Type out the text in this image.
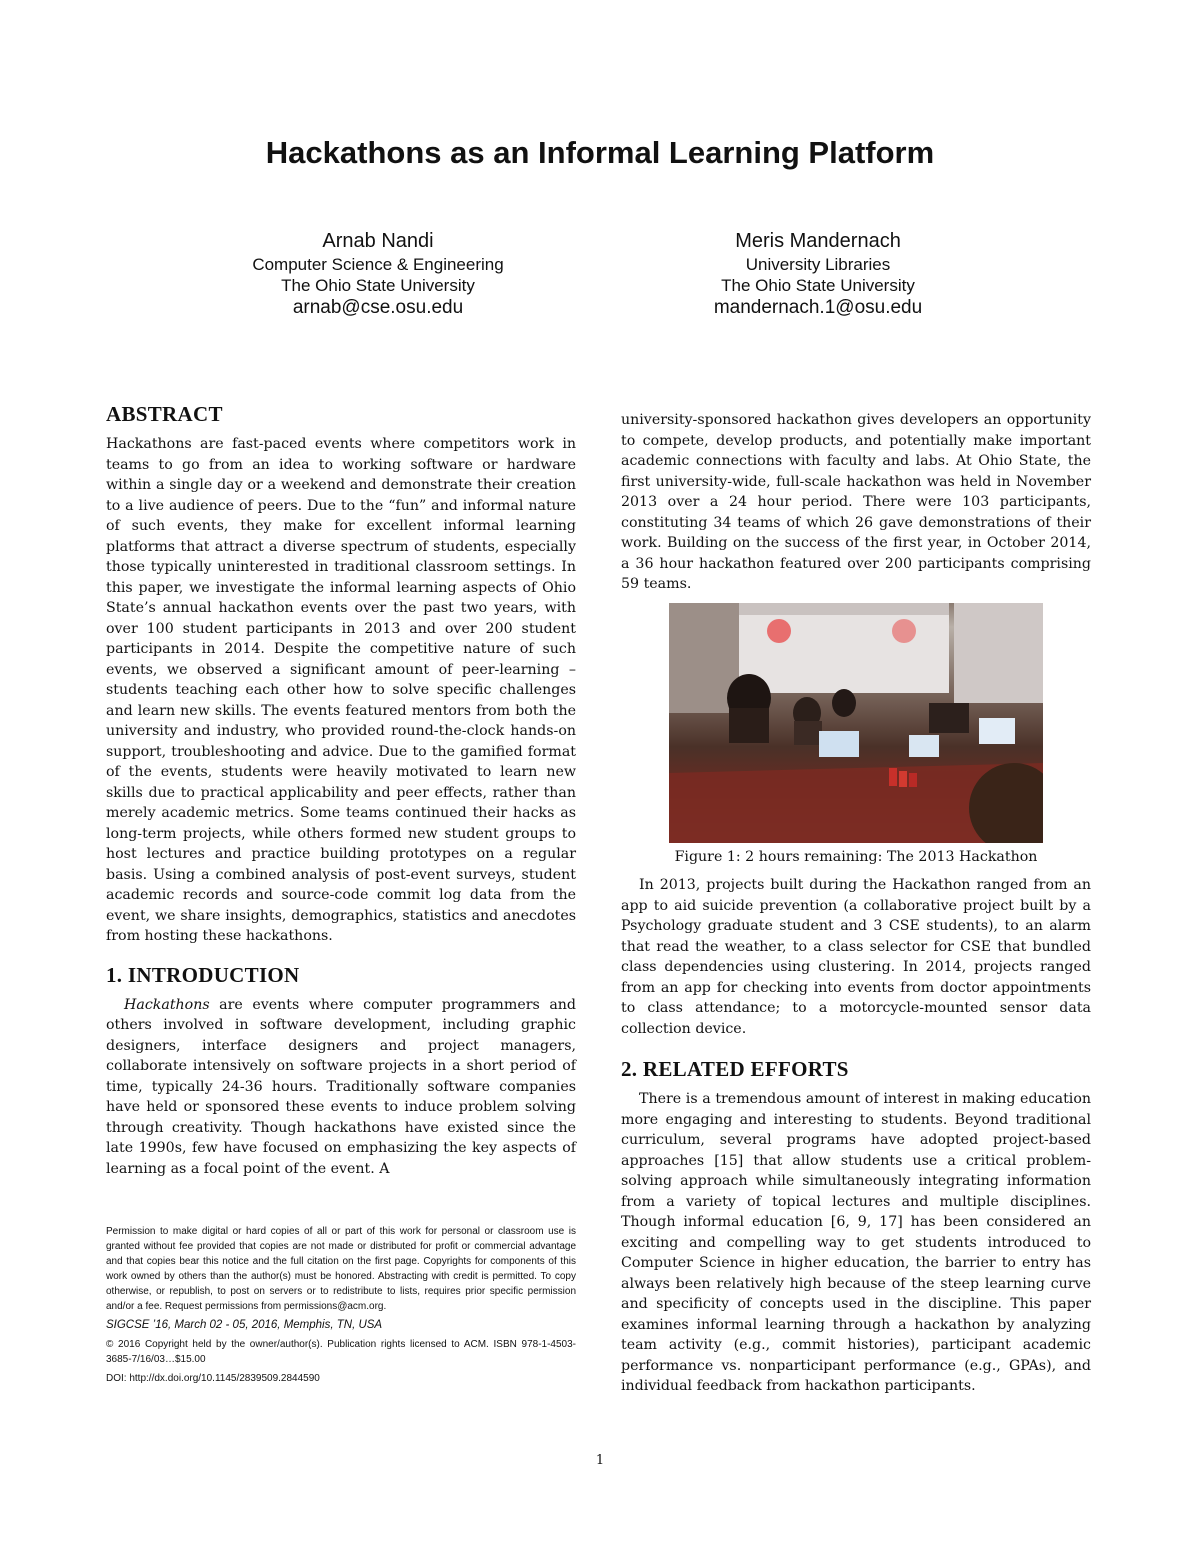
Hackathons as an Informal Learning Platform
Arnab Nandi
Computer Science & Engineering
The Ohio State University
arnab@cse.osu.edu
Meris Mandernach
University Libraries
The Ohio State University
mandernach.1@osu.edu
ABSTRACT

Hackathons are fast-paced events where competitors work in teams to go from an idea to working software or hardware within a single day or a weekend and demonstrate their creation to a live audience of peers. Due to the “fun” and informal nature of such events, they make for excellent informal learning platforms that attract a diverse spectrum of students, especially those typically uninterested in traditional classroom settings. In this paper, we investigate the informal learning aspects of Ohio State’s annual hackathon events over the past two years, with over 100 student participants in 2013 and over 200 student participants in 2014. Despite the competitive nature of such events, we observed a significant amount of peer-learning – students teaching each other how to solve specific challenges and learn new skills. The events featured mentors from both the university and industry, who provided round-the-clock hands-on support, troubleshooting and advice. Due to the gamified format of the events, students were heavily motivated to learn new skills due to practical applicability and peer effects, rather than merely academic metrics. Some teams continued their hacks as long-term projects, while others formed new student groups to host lectures and practice building prototypes on a regular basis. Using a combined analysis of post-event surveys, student academic records and source-code commit log data from the event, we share insights, demographics, statistics and anecdotes from hosting these hackathons.

1. INTRODUCTION

Hackathons are events where computer programmers and others involved in software development, including graphic designers, interface designers and project managers, collaborate intensively on software projects in a short period of time, typically 24-36 hours. Traditionally software companies have held or sponsored these events to induce problem solving through creativity. Though hackathons have existed since the late 1990s, few have focused on emphasizing the key aspects of learning as a focal point of the event. A

Permission to make digital or hard copies of all or part of this work for personal or classroom use is granted without fee provided that copies are not made or distributed for profit or commercial advantage and that copies bear this notice and the full citation on the first page. Copyrights for components of this work owned by others than the author(s) must be honored. Abstracting with credit is permitted. To copy otherwise, or republish, to post on servers or to redistribute to lists, requires prior specific permission and/or a fee. Request permissions from permissions@acm.org.
SIGCSE ’16, March 02 - 05, 2016, Memphis, TN, USA
© 2016 Copyright held by the owner/author(s). Publication rights licensed to ACM. ISBN 978-1-4503-3685-7/16/03…$15.00
DOI: http://dx.doi.org/10.1145/2839509.2844590

university-sponsored hackathon gives developers an opportunity to compete, develop products, and potentially make important academic connections with faculty and labs. At Ohio State, the first university-wide, full-scale hackathon was held in November 2013 over a 24 hour period. There were 103 participants, constituting 34 teams of which 26 gave demonstrations of their work. Building on the success of the first year, in October 2014, a 36 hour hackathon featured over 200 participants comprising 59 teams.

Figure 1: 2 hours remaining: The 2013 Hackathon

In 2013, projects built during the Hackathon ranged from an app to aid suicide prevention (a collaborative project built by a Psychology graduate student and 3 CSE students), to an alarm that read the weather, to a class selector for CSE that bundled class dependencies using clustering. In 2014, projects ranged from an app for checking into events from doctor appointments to class attendance; to a motorcycle-mounted sensor data collection device.

2. RELATED EFFORTS

There is a tremendous amount of interest in making education more engaging and interesting to students. Beyond traditional curriculum, several programs have adopted project-based approaches [15] that allow students use a critical problem-solving approach while simultaneously integrating information from a variety of topical lectures and multiple disciplines. Though informal education [6, 9, 17] has been considered an exciting and compelling way to get students introduced to Computer Science in higher education, the barrier to entry has always been relatively high because of the steep learning curve and specificity of concepts used in the discipline. This paper examines informal learning through a hackathon by analyzing team activity (e.g., commit histories), participant academic performance vs. nonparticipant performance (e.g., GPAs), and individual feedback from hackathon participants.

1
